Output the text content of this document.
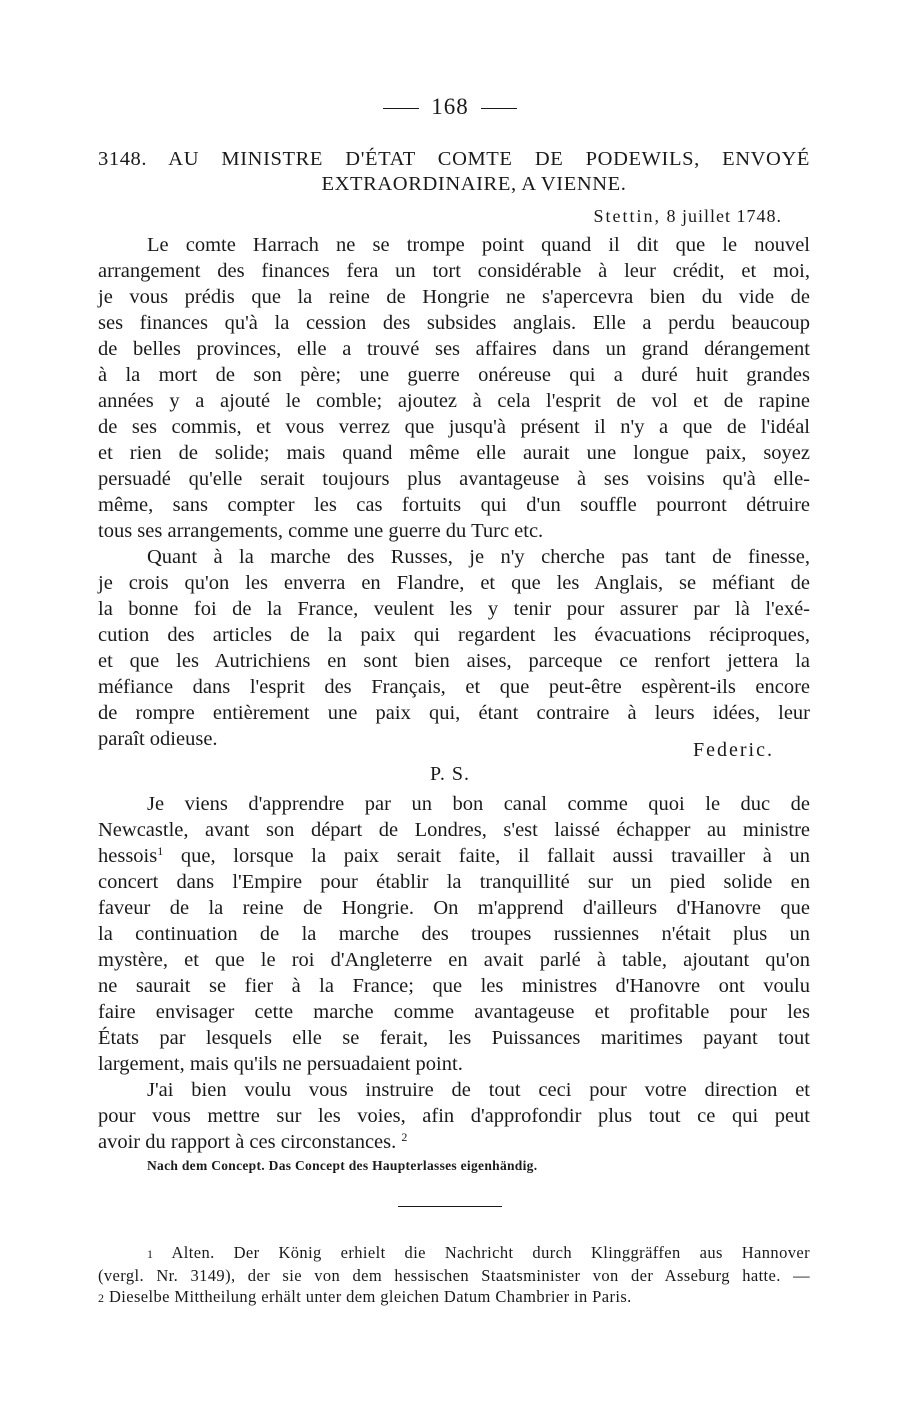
168
3148. AU MINISTRE D'ÉTAT COMTE DE PODEWILS, ENVOYÉ
EXTRAORDINAIRE, A VIENNE.
Stettin, 8 juillet 1748.
Le comte Harrach ne se trompe point quand il dit que le nouvel
arrangement des finances fera un tort considérable à leur crédit, et moi,
je vous prédis que la reine de Hongrie ne s'apercevra bien du vide de
ses finances qu'à la cession des subsides anglais. Elle a perdu beaucoup
de belles provinces, elle a trouvé ses affaires dans un grand dérangement
à la mort de son père; une guerre onéreuse qui a duré huit grandes
années y a ajouté le comble; ajoutez à cela l'esprit de vol et de rapine
de ses commis, et vous verrez que jusqu'à présent il n'y a que de l'idéal
et rien de solide; mais quand même elle aurait une longue paix, soyez
persuadé qu'elle serait toujours plus avantageuse à ses voisins qu'à elle-
même, sans compter les cas fortuits qui d'un souffle pourront détruire
tous ses arrangements, comme une guerre du Turc etc.
Quant à la marche des Russes, je n'y cherche pas tant de finesse,
je crois qu'on les enverra en Flandre, et que les Anglais, se méfiant de
la bonne foi de la France, veulent les y tenir pour assurer par là l'exé-
cution des articles de la paix qui regardent les évacuations réciproques,
et que les Autrichiens en sont bien aises, parceque ce renfort jettera la
méfiance dans l'esprit des Français, et que peut-être espèrent-ils encore
de rompre entièrement une paix qui, étant contraire à leurs idées, leur
paraît odieuse.	Federic.
P. S.
Je viens d'apprendre par un bon canal comme quoi le duc de
Newcastle, avant son départ de Londres, s'est laissé échapper au ministre
hessois$^1$ que, lorsque la paix serait faite, il fallait aussi travailler à un
concert dans l'Empire pour établir la tranquillité sur un pied solide en
faveur de la reine de Hongrie. On m'apprend d'ailleurs d'Hanovre que
la continuation de la marche des troupes russiennes n'était plus un
mystère, et que le roi d'Angleterre en avait parlé à table, ajoutant qu'on
ne saurait se fier à la France; que les ministres d'Hanovre ont voulu
faire envisager cette marche comme avantageuse et profitable pour les
États par lesquels elle se ferait, les Puissances maritimes payant tout
largement, mais qu'ils ne persuadaient point.
J'ai bien voulu vous instruire de tout ceci pour votre direction et
pour vous mettre sur les voies, afin d'approfondir plus tout ce qui peut
avoir du rapport à ces circonstances. $^2$
Nach dem Concept. Das Concept des Haupterlasses eigenhändig.
1 Alten. Der König erhielt die Nachricht durch Klinggräffen aus Hannover
(vergl. Nr. 3149), der sie von dem hessischen Staatsminister von der Asseburg hatte. —
2 Dieselbe Mittheilung erhält unter dem gleichen Datum Chambrier in Paris.
